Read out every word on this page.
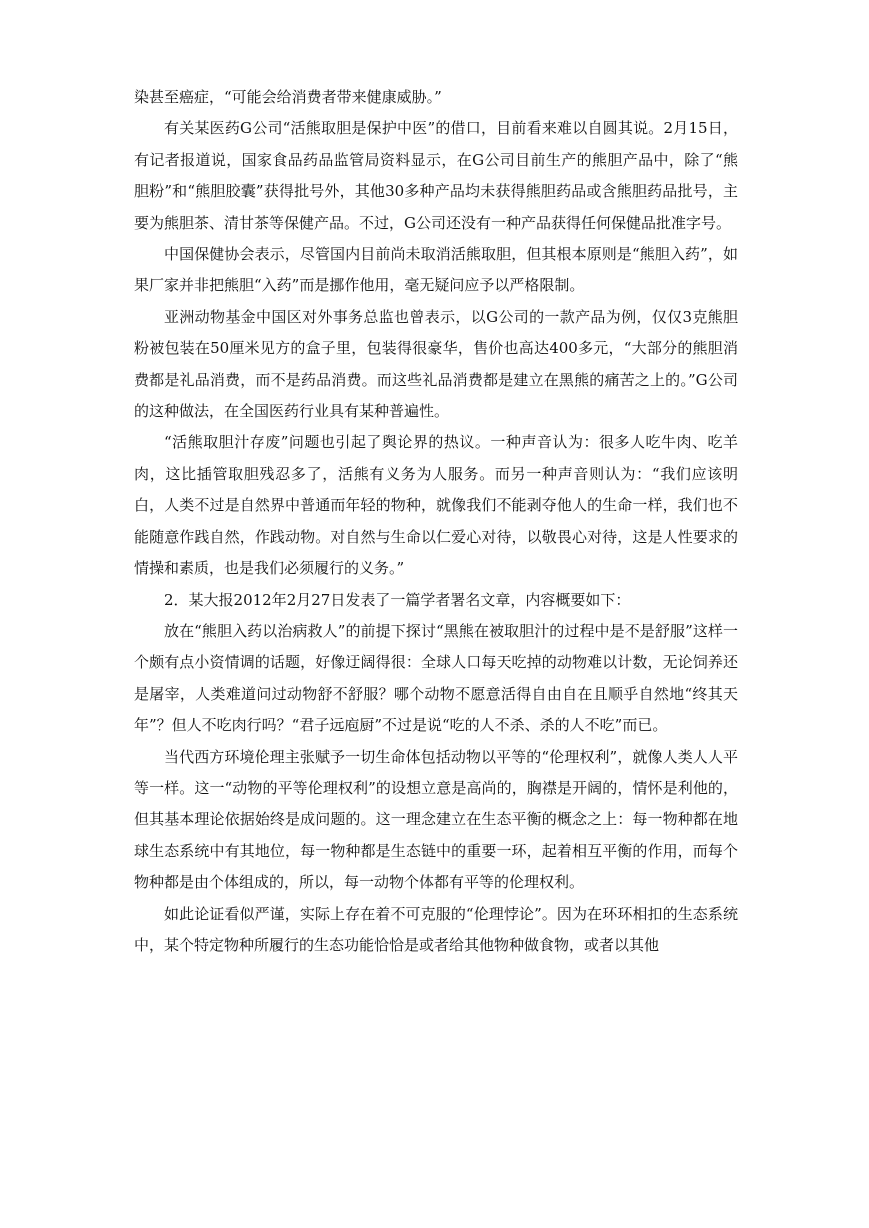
染甚至癌症，“可能会给消费者带来健康威胁。”

有关某医药G公司“活熊取胆是保护中医”的借口，目前看来难以自圆其说。2月15日，有记者报道说，国家食品药品监管局资料显示，在G公司目前生产的熊胆产品中，除了“熊胆粉”和“熊胆胶囊”获得批号外，其他30多种产品均未获得熊胆药品或含熊胆药品批号，主要为熊胆茶、清甘茶等保健产品。不过，G公司还没有一种产品获得任何保健品批准字号。

中国保健协会表示，尽管国内目前尚未取消活熊取胆，但其根本原则是“熊胆入药”，如果厂家并非把熊胆“入药”而是挪作他用，毫无疑问应予以严格限制。

亚洲动物基金中国区对外事务总监也曾表示，以G公司的一款产品为例，仅仅3克熊胆粉被包装在50厘米见方的盒子里，包装得很豪华，售价也高达400多元，“大部分的熊胆消费都是礼品消费，而不是药品消费。而这些礼品消费都是建立在黑熊的痛苦之上的。”G公司的这种做法，在全国医药行业具有某种普遍性。

“活熊取胆汁存废”问题也引起了舆论界的热议。一种声音认为：很多人吃牛肉、吃羊肉，这比插管取胆残忍多了，活熊有义务为人服务。而另一种声音则认为：“我们应该明白，人类不过是自然界中普通而年轻的物种，就像我们不能剥夺他人的生命一样，我们也不能随意作践自然，作践动物。对自然与生命以仁爱心对待，以敬畏心对待，这是人性要求的情操和素质，也是我们必须履行的义务。”

2．某大报2012年2月27日发表了一篇学者署名文章，内容概要如下：

放在“熊胆入药以治病救人”的前提下探讨“黑熊在被取胆汁的过程中是不是舒服”这样一个颇有点小资情调的话题，好像迂阔得很：全球人口每天吃掉的动物难以计数，无论饲养还是屠宰，人类难道问过动物舒不舒服？哪个动物不愿意活得自由自在且顺乎自然地“终其天年”？但人不吃肉行吗？“君子远庖厨”不过是说“吃的人不杀、杀的人不吃”而已。

当代西方环境伦理主张赋予一切生命体包括动物以平等的“伦理权利”，就像人类人人平等一样。这一“动物的平等伦理权利”的设想立意是高尚的，胸襟是开阔的，情怀是利他的，但其基本理论依据始终是成问题的。这一理念建立在生态平衡的概念之上：每一物种都在地球生态系统中有其地位，每一物种都是生态链中的重要一环，起着相互平衡的作用，而每个物种都是由个体组成的，所以，每一动物个体都有平等的伦理权利。

如此论证看似严谨，实际上存在着不可克服的“伦理悖论”。因为在环环相扣的生态系统中，某个特定物种所履行的生态功能恰恰是或者给其他物种做食物，或者以其他
